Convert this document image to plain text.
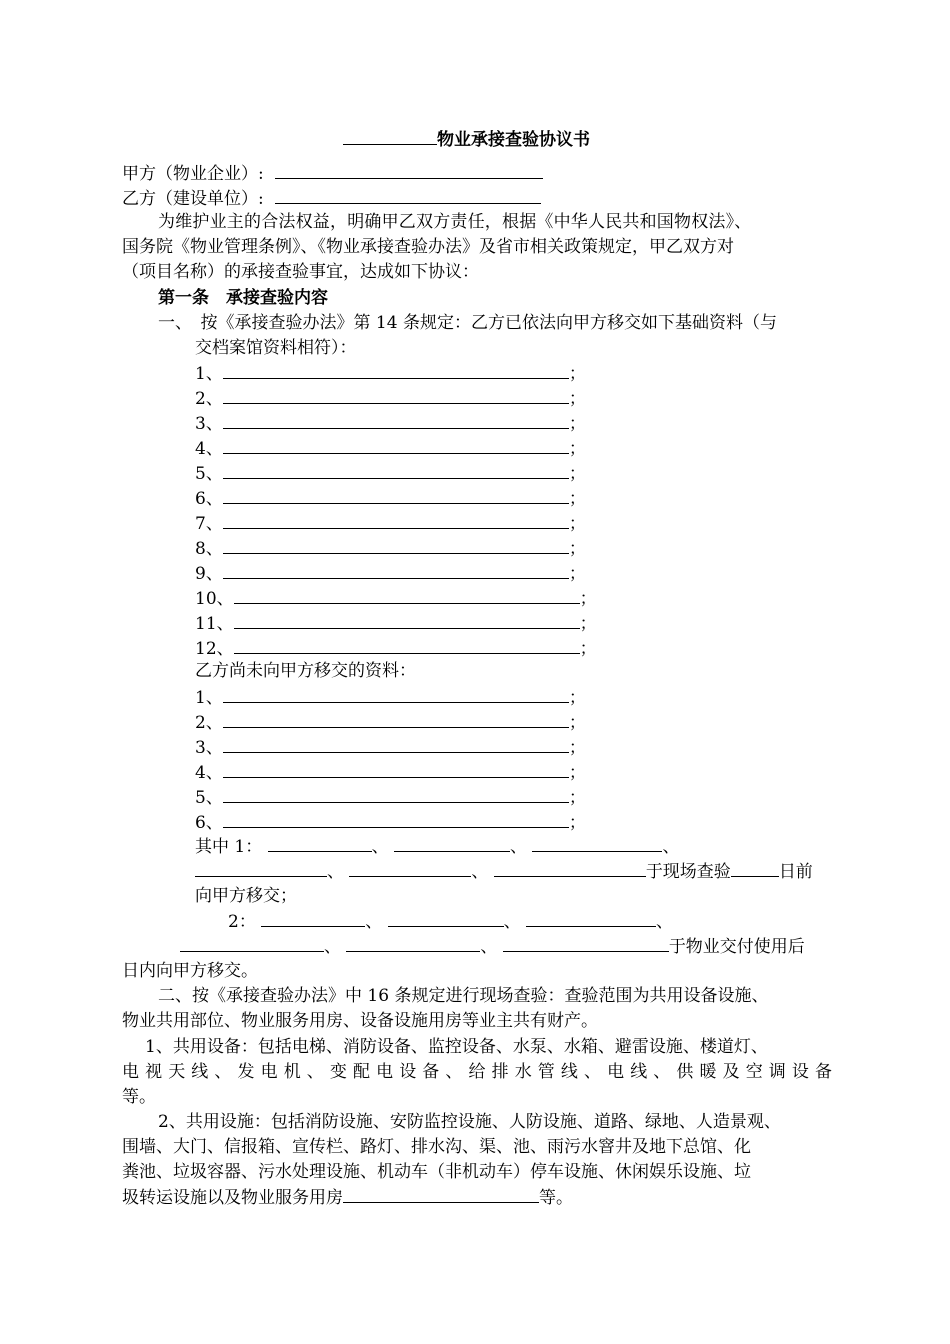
物业承接查验协议书
甲方（物业企业）:
乙方（建设单位）:
为维护业主的合法权益，明确甲乙双方责任，根据《中华人民共和国物权法》、
国务院《物业管理条例》、《物业承接查验办法》及省市相关政策规定，甲乙双方对
（项目名称）的承接查验事宜，达成如下协议：
第一条　承接查验内容
一、　按《承接查验办法》第 14 条规定：乙方已依法向甲方移交如下基础资料（与
交档案馆资料相符）：
1、	；
2、	；
3、	；
4、	；
5、	；
6、	；
7、	；
8、	；
9、	；
10、	；
11、	；
12、	；
乙方尚未向甲方移交的资料：
1、	；
2、	；
3、	；
4、	；
5、	；
6、	；
其中 1：	、	、	、
、	、	于现场查验	日前
向甲方移交；
2：	、	、	、
、	、	于物业交付使用后
日内向甲方移交。
二、按《承接查验办法》中 16 条规定进行现场查验：查验范围为共用设备设施、
物业共用部位、物业服务用房、设备设施用房等业主共有财产。
1、共用设备：包括电梯、消防设备、监控设备、水泵、水箱、避雷设施、楼道灯、
电视天线、发电机、变配电设备、给排水管线、电线、供暖及空调设备
等。
2、共用设施：包括消防设施、安防监控设施、人防设施、道路、绿地、人造景观、
围墙、大门、信报箱、宣传栏、路灯、排水沟、渠、池、雨污水窨井及地下总馆、化
粪池、垃圾容器、污水处理设施、机动车（非机动车）停车设施、休闲娱乐设施、垃
圾转运设施以及物业服务用房	等。
